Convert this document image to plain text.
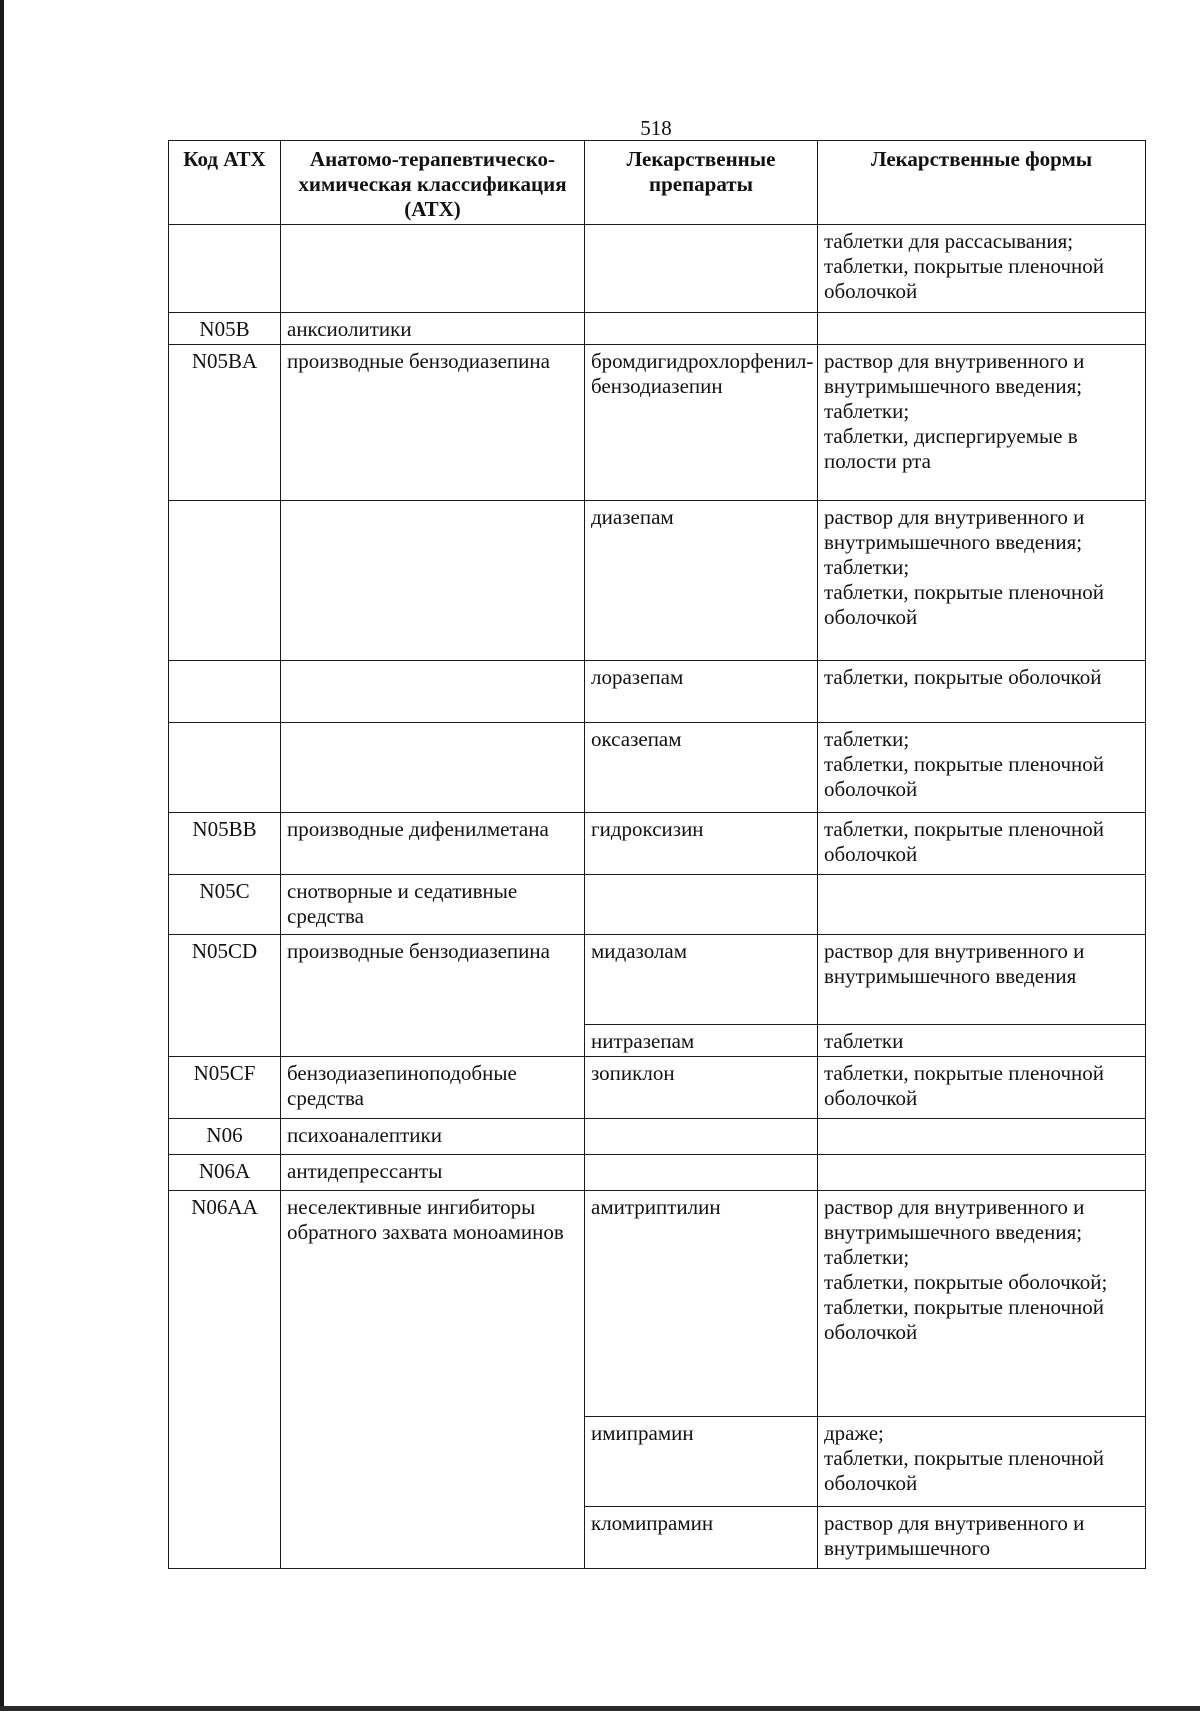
518
Код АТХ	Анатомо-терапевтическо-химическая классификация (АТХ)	Лекарственные препараты	Лекарственные формы
			таблетки для рассасывания;
таблетки, покрытые пленочной оболочкой
N05B	анксиолитики		
N05BA	производные бензодиазепина	бромдигидрохлорфенил-бензодиазепин	раствор для внутривенного и внутримышечного введения;
таблетки;
таблетки, диспергируемые в полости рта
		диазепам	раствор для внутривенного и внутримышечного введения;
таблетки;
таблетки, покрытые пленочной оболочкой
		лоразепам	таблетки, покрытые оболочкой
		оксазепам	таблетки;
таблетки, покрытые пленочной оболочкой
N05BB	производные дифенилметана	гидроксизин	таблетки, покрытые пленочной оболочкой
N05C	снотворные и седативные средства		
N05CD	производные бензодиазепина	мидазолам	раствор для внутривенного и внутримышечного введения
		нитразепам	таблетки
N05CF	бензодиазепиноподобные средства	зопиклон	таблетки, покрытые пленочной оболочкой
N06	психоаналептики		
N06A	антидепрессанты		
N06AA	неселективные ингибиторы обратного захвата моноаминов	амитриптилин	раствор для внутривенного и внутримышечного введения;
таблетки;
таблетки, покрытые оболочкой;
таблетки, покрытые пленочной оболочкой
		имипрамин	драже;
таблетки, покрытые пленочной оболочкой
		кломипрамин	раствор для внутривенного и внутримышечного
